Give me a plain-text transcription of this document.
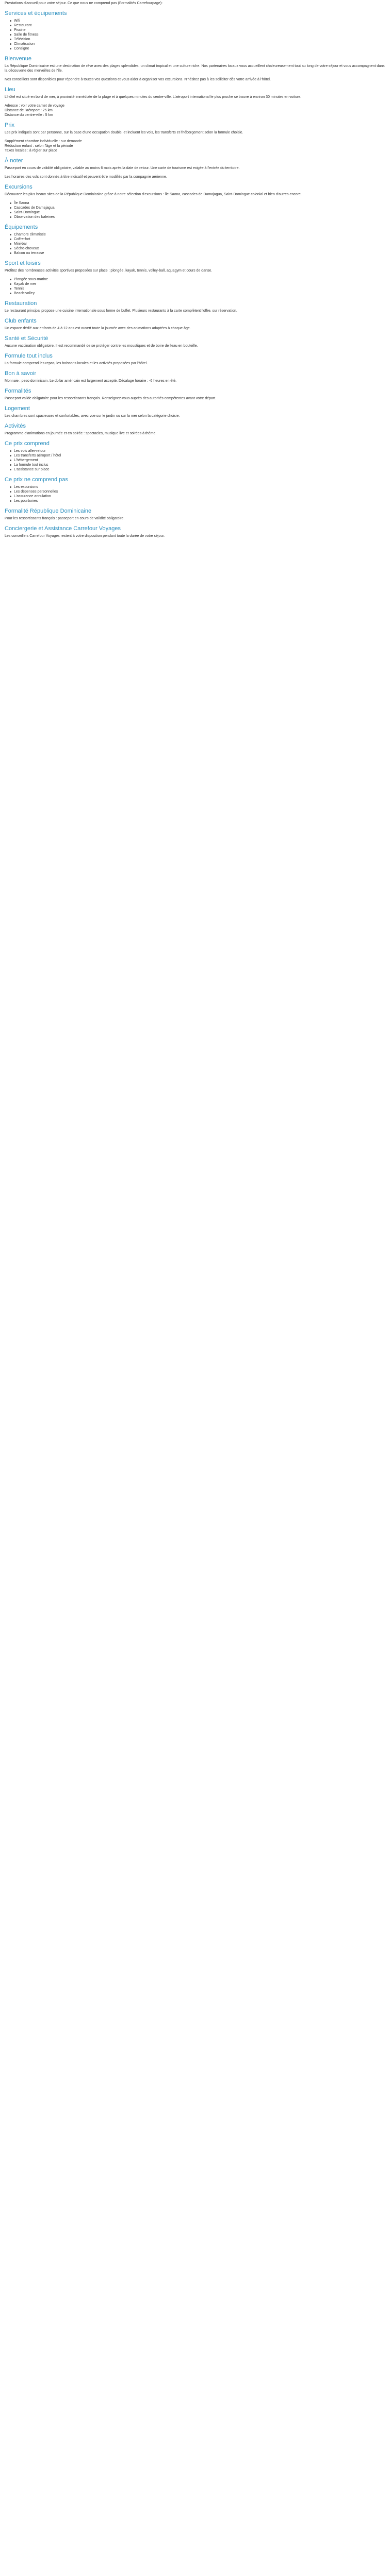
Prestations d'accueil pour votre séjour. Ce que nous ne comprend pas (Formalités Carrefourpage):

Services et équipements
Wifi
Restaurant
Piscine
Salle de fitness
Télévision
Climatisation
Consigne
Bienvenue

La République Dominicaine est une destination de rêve avec des plages splendides, un climat tropical et une culture riche. Nos partenaires locaux vous accueillent chaleureusement tout au long de votre séjour et vous accompagnent dans la découverte des merveilles de l'île.

Nos conseillers sont disponibles pour répondre à toutes vos questions et vous aider à organiser vos excursions. N'hésitez pas à les solliciter dès votre arrivée à l'hôtel.

Lieu

L'hôtel est situé en bord de mer, à proximité immédiate de la plage et à quelques minutes du centre-ville. L'aéroport international le plus proche se trouve à environ 30 minutes en voiture.

Adresse : voir votre carnet de voyage
Distance de l'aéroport : 25 km
Distance du centre-ville : 5 km
Prix

Les prix indiqués sont par personne, sur la base d'une occupation double, et incluent les vols, les transferts et l'hébergement selon la formule choisie.

Supplément chambre individuelle : sur demande
Réduction enfant : selon l'âge et la période
Taxes locales : à régler sur place
À noter

Passeport en cours de validité obligatoire, valable au moins 6 mois après la date de retour. Une carte de tourisme est exigée à l'entrée du territoire.

Les horaires des vols sont donnés à titre indicatif et peuvent être modifiés par la compagnie aérienne.

Excursions

Découvrez les plus beaux sites de la République Dominicaine grâce à notre sélection d'excursions : île Saona, cascades de Damajagua, Saint-Domingue colonial et bien d'autres encore.

Île Saona
Cascades de Damajagua
Saint-Domingue
Observation des baleines
Équipements
Chambre climatisée
Coffre-fort
Mini-bar
Sèche-cheveux
Balcon ou terrasse
Sport et loisirs

Profitez des nombreuses activités sportives proposées sur place : plongée, kayak, tennis, volley-ball, aquagym et cours de danse.

Plongée sous-marine
Kayak de mer
Tennis
Beach-volley
Restauration

Le restaurant principal propose une cuisine internationale sous forme de buffet. Plusieurs restaurants à la carte complètent l'offre, sur réservation.

Club enfants

Un espace dédié aux enfants de 4 à 12 ans est ouvert toute la journée avec des animations adaptées à chaque âge.

Santé et Sécurité

Aucune vaccination obligatoire. Il est recommandé de se protéger contre les moustiques et de boire de l'eau en bouteille.

Formule tout inclus

La formule comprend les repas, les boissons locales et les activités proposées par l'hôtel.

Bon à savoir

Monnaie : peso dominicain. Le dollar américain est largement accepté. Décalage horaire : -6 heures en été.

Formalités

Passeport valide obligatoire pour les ressortissants français. Renseignez-vous auprès des autorités compétentes avant votre départ.

Logement

Les chambres sont spacieuses et confortables, avec vue sur le jardin ou sur la mer selon la catégorie choisie.

Activités

Programme d'animations en journée et en soirée : spectacles, musique live et soirées à thème.

Ce prix comprend
Les vols aller-retour
Les transferts aéroport / hôtel
L'hébergement
La formule tout inclus
L'assistance sur place
Ce prix ne comprend pas
Les excursions
Les dépenses personnelles
L'assurance annulation
Les pourboires
Formalité République Dominicaine

Pour les ressortissants français : passeport en cours de validité obligatoire.

Conciergerie et Assistance Carrefour Voyages

Les conseillers Carrefour Voyages restent à votre disposition pendant toute la durée de votre séjour.
